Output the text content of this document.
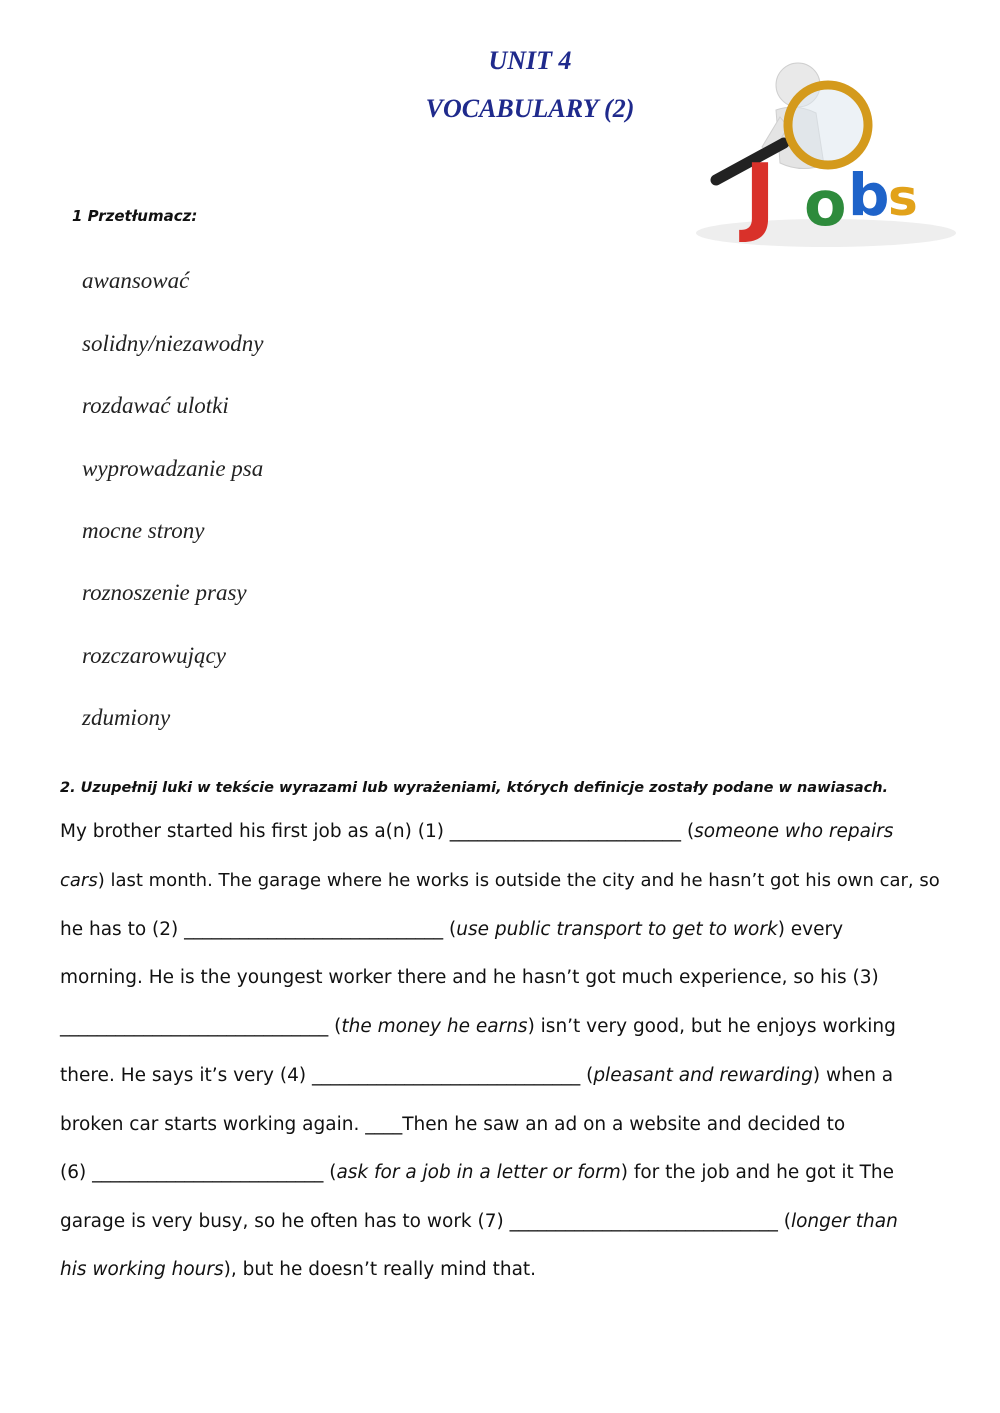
UNIT 4
VOCABULARY (2)
J o b
s
1 Przetłumacz:
awansować
solidny/niezawodny
rozdawać ulotki
wyprowadzanie psa
mocne strony
roznoszenie prasy
rozczarowujący
zdumiony
2. Uzupełnij luki w tekście wyrazami lub wyrażeniami, których definicje zostały podane w nawiasach.
My brother started his first job as a(n) (1) _________________________ (someone who repairs
cars) last month. The garage where he works is outside the city and he hasn’t got his own car, so
he has to (2) ____________________________ (use public transport to get to work) every
morning. He is the youngest worker there and he hasn’t got much experience, so his (3)
_____________________________ (the money he earns) isn’t very good, but he enjoys working
there. He says it’s very (4) _____________________________ (pleasant and rewarding) when a
broken car starts working again. ____Then he saw an ad on a website and decided to
(6) _________________________ (ask for a job in a letter or form) for the job and he got it The
garage is very busy, so he often has to work (7) _____________________________ (longer than
his working hours), but he doesn’t really mind that.
